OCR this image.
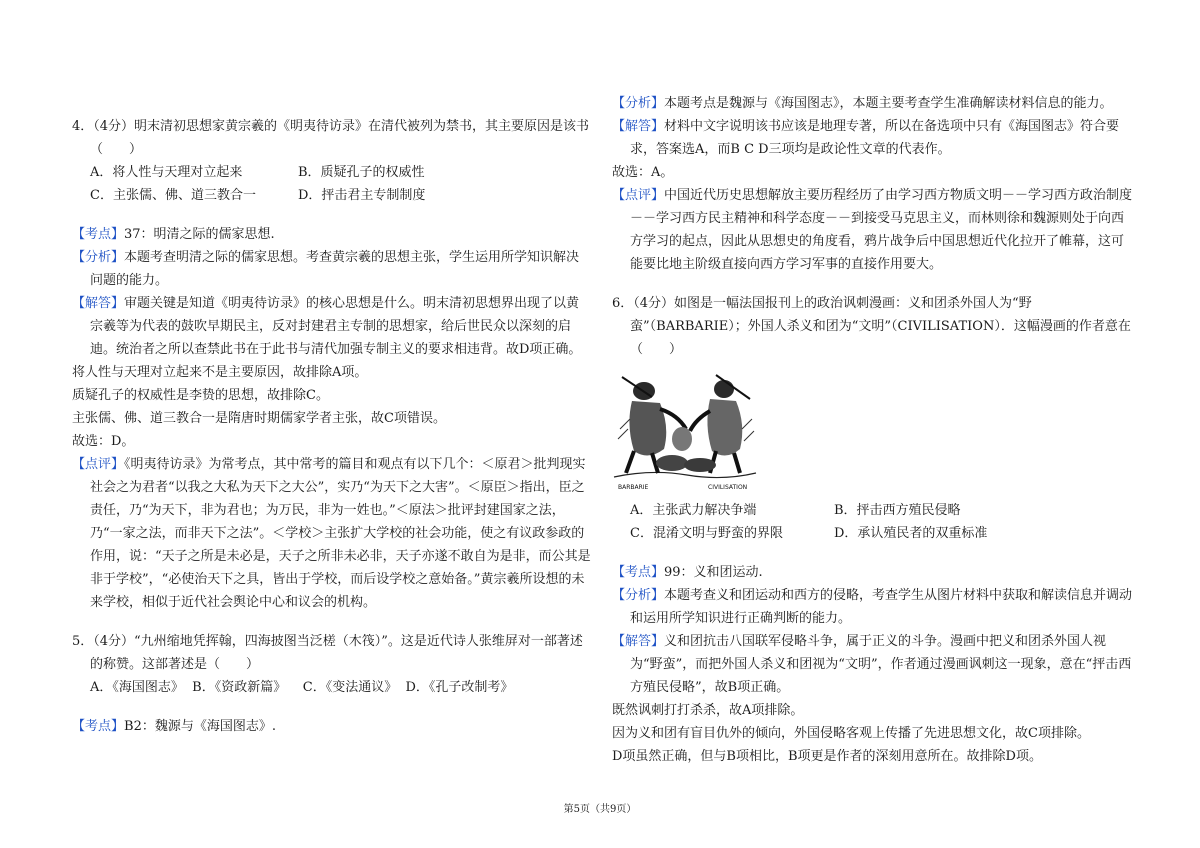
4．（4分）明末清初思想家黄宗羲的《明夷待访录》在清代被列为禁书，其主要原因是该书（　　）

A．将人性与天理对立起来	B．质疑孔子的权威性
C．主张儒、佛、道三教合一	D．抨击君主专制制度

【考点】37：明清之际的儒家思想.

【分析】本题考查明清之际的儒家思想。考查黄宗羲的思想主张，学生运用所学知识解决问题的能力。

【解答】审题关键是知道《明夷待访录》的核心思想是什么。明末清初思想界出现了以黄宗羲等为代表的鼓吹早期民主，反对封建君主专制的思想家，给后世民众以深刻的启迪。统治者之所以查禁此书在于此书与清代加强专制主义的要求相违背。故D项正确。

将人性与天理对立起来不是主要原因，故排除A项。

质疑孔子的权威性是李贽的思想，故排除C。

主张儒、佛、道三教合一是隋唐时期儒家学者主张，故C项错误。

故选：D。

【点评】《明夷待访录》为常考点，其中常考的篇目和观点有以下几个：＜原君＞批判现实社会之为君者“以我之大私为天下之大公”，实乃“为天下之大害”。＜原臣＞指出，臣之责任，乃“为天下，非为君也；为万民，非为一姓也。”＜原法＞批评封建国家之法，乃“一家之法，而非天下之法”。＜学校＞主张扩大学校的社会功能，使之有议政参政的作用，说：“天子之所是未必是，天子之所非未必非，天子亦遂不敢自为是非，而公其是非于学校”，“必使治天下之具，皆出于学校，而后设学校之意始备。”黄宗羲所设想的未来学校，相似于近代社会舆论中心和议会的机构。

5．（4分）“九州缩地凭挥翰，四海披图当泛槎（木筏）”。这是近代诗人张维屏对一部著述的称赞。这部著述是（　　）

A．《海国图志》 B．《资政新篇》 C．《变法通议》 D．《孔子改制考》

【考点】B2：魏源与《海国图志》.

【分析】本题考点是魏源与《海国图志》，本题主要考查学生准确解读材料信息的能力。

【解答】材料中文字说明该书应该是地理专著，所以在备选项中只有《海国图志》符合要求，答案选A，而B C D三项均是政论性文章的代表作。

故选：A。

【点评】中国近代历史思想解放主要历程经历了由学习西方物质文明－－学习西方政治制度－－学习西方民主精神和科学态度－－到接受马克思主义，而林则徐和魏源则处于向西方学习的起点，因此从思想史的角度看，鸦片战争后中国思想近代化拉开了帷幕，这可能要比地主阶级直接向西方学习军事的直接作用要大。

6．（4分）如图是一幅法国报刊上的政治讽刺漫画：义和团杀外国人为“野蛮”（BARBARIE）；外国人杀义和团为“文明”（CIVILISATION）．这幅漫画的作者意在（　　）

BARBARIE	CIVILISATION
A．主张武力解决争端	B．抨击西方殖民侵略
C．混淆文明与野蛮的界限	D．承认殖民者的双重标准

【考点】99：义和团运动.

【分析】本题考查义和团运动和西方的侵略，考查学生从图片材料中获取和解读信息并调动和运用所学知识进行正确判断的能力。

【解答】义和团抗击八国联军侵略斗争，属于正义的斗争。漫画中把义和团杀外国人视为“野蛮”，而把外国人杀义和团视为“文明”，作者通过漫画讽刺这一现象，意在“抨击西方殖民侵略”，故B项正确。

既然讽刺打打杀杀，故A项排除。

因为义和团有盲目仇外的倾向，外国侵略客观上传播了先进思想文化，故C项排除。

D项虽然正确，但与B项相比，B项更是作者的深刻用意所在。故排除D项。

第5页（共9页）
